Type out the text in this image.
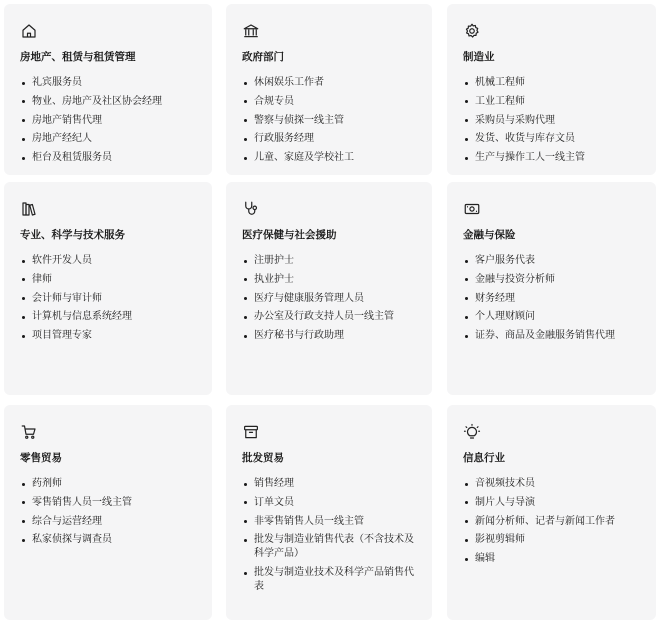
房地产、租赁与租赁管理
礼宾服务员
物业、房地产及社区协会经理
房地产销售代理
房地产经纪人
柜台及租赁服务员
政府部门
休闲娱乐工作者
合规专员
警察与侦探一线主管
行政服务经理
儿童、家庭及学校社工
制造业
机械工程师
工业工程师
采购员与采购代理
发货、收货与库存文员
生产与操作工人一线主管
专业、科学与技术服务
软件开发人员
律师
会计师与审计师
计算机与信息系统经理
项目管理专家
医疗保健与社会援助
注册护士
执业护士
医疗与健康服务管理人员
办公室及行政支持人员一线主管
医疗秘书与行政助理
金融与保险
客户服务代表
金融与投资分析师
财务经理
个人理财顾问
证券、商品及金融服务销售代理
零售贸易
药剂师
零售销售人员一线主管
综合与运营经理
私家侦探与调查员
批发贸易
销售经理
订单文员
非零售销售人员一线主管
批发与制造业销售代表（不含技术及科学产品）
批发与制造业技术及科学产品销售代表
信息行业
音视频技术员
制片人与导演
新闻分析师、记者与新闻工作者
影视剪辑师
编辑
